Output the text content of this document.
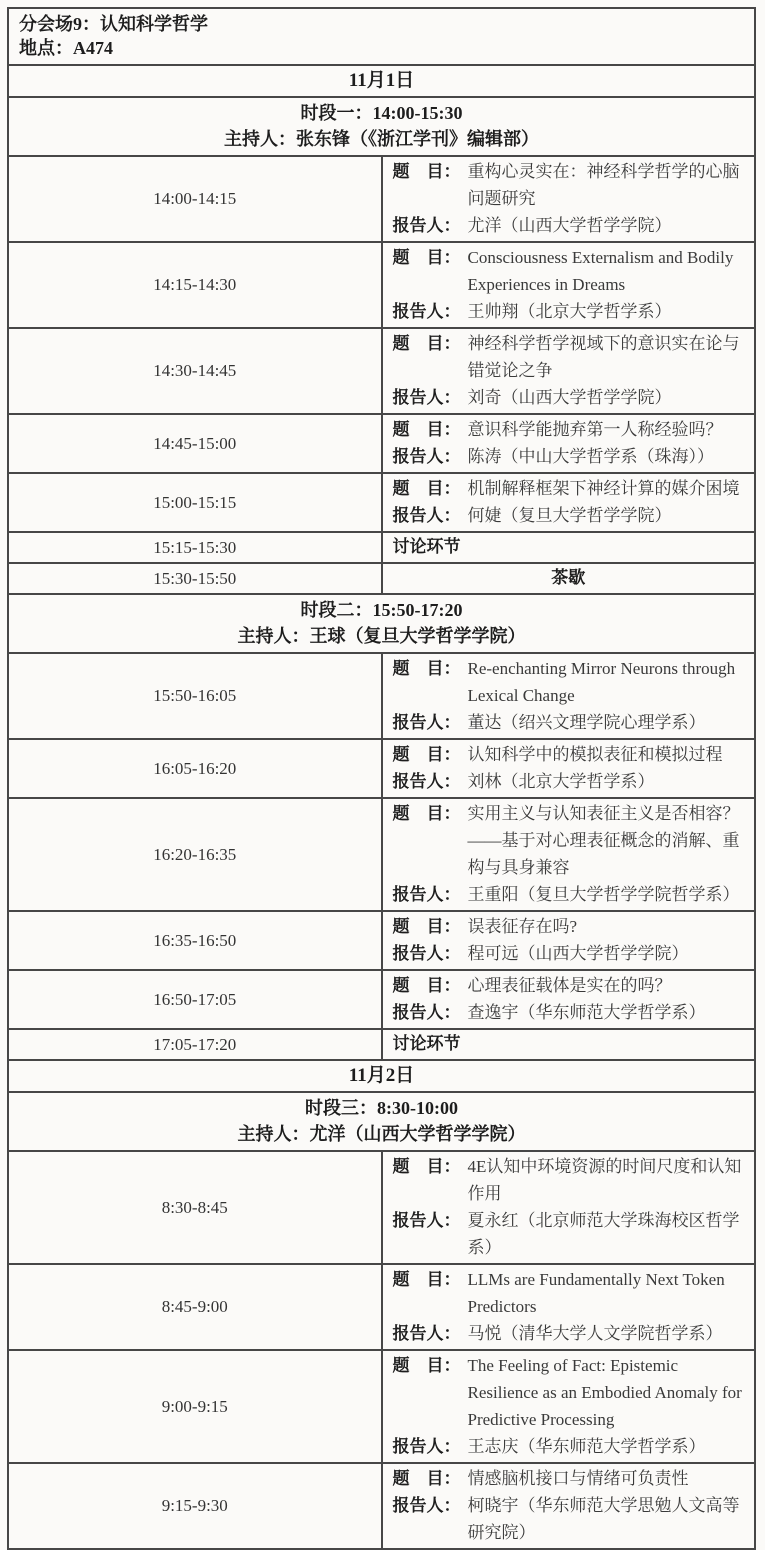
分会场9：认知科学哲学
地点：A474	

11月1日	

时段一：14:00-15:30
主持人：张东锋（《浙江学刊》编辑部）	

14:00-14:15	题　目： 重构心灵实在：神经科学哲学的心脑问题研究
报告人： 尤洋（山西大学哲学学院）

14:15-14:30	题　目： Consciousness Externalism and Bodily Experiences in Dreams
报告人： 王帅翔（北京大学哲学系）

14:30-14:45	题　目： 神经科学哲学视域下的意识实在论与错觉论之争
报告人： 刘奇（山西大学哲学学院）

14:45-15:00	题　目： 意识科学能抛弃第一人称经验吗？
报告人： 陈涛（中山大学哲学系（珠海））

15:00-15:15	题　目： 机制解释框架下神经计算的媒介困境
报告人： 何婕（复旦大学哲学学院）

15:15-15:30	讨论环节
15:30-15:50	茶歇

时段二：15:50-17:20
主持人：王球（复旦大学哲学学院）	

15:50-16:05	题　目： Re-enchanting Mirror Neurons through Lexical Change
报告人： 董达（绍兴文理学院心理学系）

16:05-16:20	题　目： 认知科学中的模拟表征和模拟过程
报告人： 刘林（北京大学哲学系）

16:20-16:35	题　目： 实用主义与认知表征主义是否相容？——基于对心理表征概念的消解、重构与具身兼容
报告人： 王重阳（复旦大学哲学学院哲学系）

16:35-16:50	题　目： 误表征存在吗?
报告人： 程可远（山西大学哲学学院）

16:50-17:05	题　目： 心理表征载体是实在的吗？
报告人： 查逸宇（华东师范大学哲学系）

17:05-17:20	讨论环节
11月2日	

时段三：8:30-10:00
主持人：尤洋（山西大学哲学学院）	

8:30-8:45	题　目： 4E认知中环境资源的时间尺度和认知作用
报告人： 夏永红（北京师范大学珠海校区哲学系）

8:45-9:00	题　目： LLMs are Fundamentally Next Token Predictors
报告人： 马悦（清华大学人文学院哲学系）

9:00-9:15	题　目： The Feeling of Fact: Epistemic Resilience as an Embodied Anomaly for Predictive Processing
报告人： 王志庆（华东师范大学哲学系）

9:15-9:30	题　目： 情感脑机接口与情绪可负责性
报告人： 柯晓宇（华东师范大学思勉人文高等研究院）
